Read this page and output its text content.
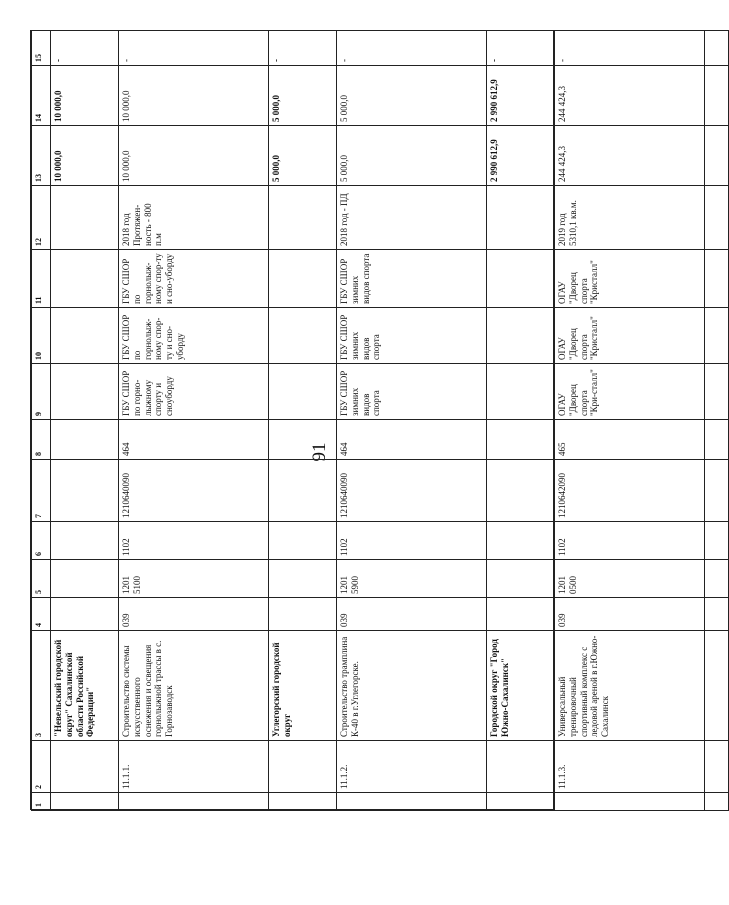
91
1	2	3	4	5	6	7	8	9	10	11	12	13	14	15
		"Невельский городской округ" Сахалинской области Российской Федерации"										10 000,0	10 000,0	-
	11.1.1.	Строительство системы искусственного оснежения и освещения горнолыжной трассы в с. Горнозаводск	039	1201 5100	1102	1210640090	464	ГБУ СШОР по горно-лыжному спорту и сноуборду	ГБУ СШОР по горнолыж-ному спор-ту и сно-уборду	ГБУ СШОР по горнолыж-ному спор-ту и сно-уборду	2018 год Протяжен-ность - 800 п.м	10 000,0	10 000,0	-
		Углегорский городской округ										5 000,0	5 000,0	-
	11.1.2.	Строительство трамплина К-40 в г.Углегорске.	039	1201 5900	1102	1210640090	464	ГБУ СШОР зимних видов спорта	ГБУ СШОР зимних видов спорта	ГБУ СШОР зимних видов спорта	2018 год - ПД	5 000,0	5 000,0	-
		Городской округ "Город Южно-Сахалинск"										2 990 612,9	2 990 612,9	-
	11.1.3.	Универсальный тренировочный спортивный комплекс с ледовой ареной в г.Южно-Сахалинск	039	1201 0500	1102	1210642090	465	ОГАУ "Дворец спорта "Кри-сталл"	ОГАУ "Дворец спорта "Кристалл"	ОГАУ "Дворец спорта "Кристалл"	2019 год 5310,1 кв.м.	244 424,3	244 424,3	-
